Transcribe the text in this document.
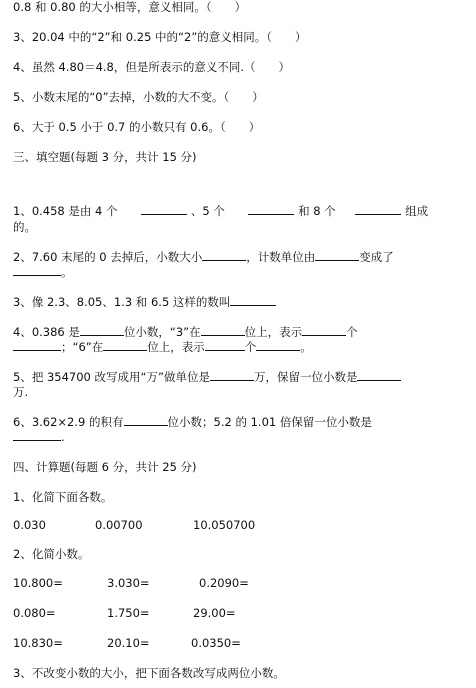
0.8 和 0.80 的大小相等，意义相同。（　　）
3、20.04 中的“2”和 0.25 中的“2”的意义相同。（　　）
4、虽然 4.80＝4.8，但是所表示的意义不同.（　　）
5、小数末尾的“0”去掉，小数的大不变。（　　）
6、大于 0.5 小于 0.7 的小数只有 0.6。（　　）
三、填空题(每题 3 分，共计 15 分)
1、0.458 是由 4 个	、5 个	和 8 个	组成
的。
2、7.60 末尾的 0 去掉后，小数大小	，计数单位由	变成了
。
3、像 2.3、8.05、1.3 和 6.5 这样的数叫
4、0.386 是	位小数，“3”在	位上，表示	个
；“6”在	位上，表示	个	。
5、把 354700 改写成用“万”做单位是	万，保留一位小数是
万.
6、3.62×2.9 的积有	位小数；5.2 的 1.01 倍保留一位小数是
.
四、计算题(每题 6 分，共计 25 分)
1、化简下面各数。
0.030	0.00700	10.050700
2、化简小数。
10.800=	3.030=	0.2090=
0.080=	1.750=	29.00=
10.830=	20.10=	0.0350=
3、不改变小数的大小，把下面各数改写成两位小数。
